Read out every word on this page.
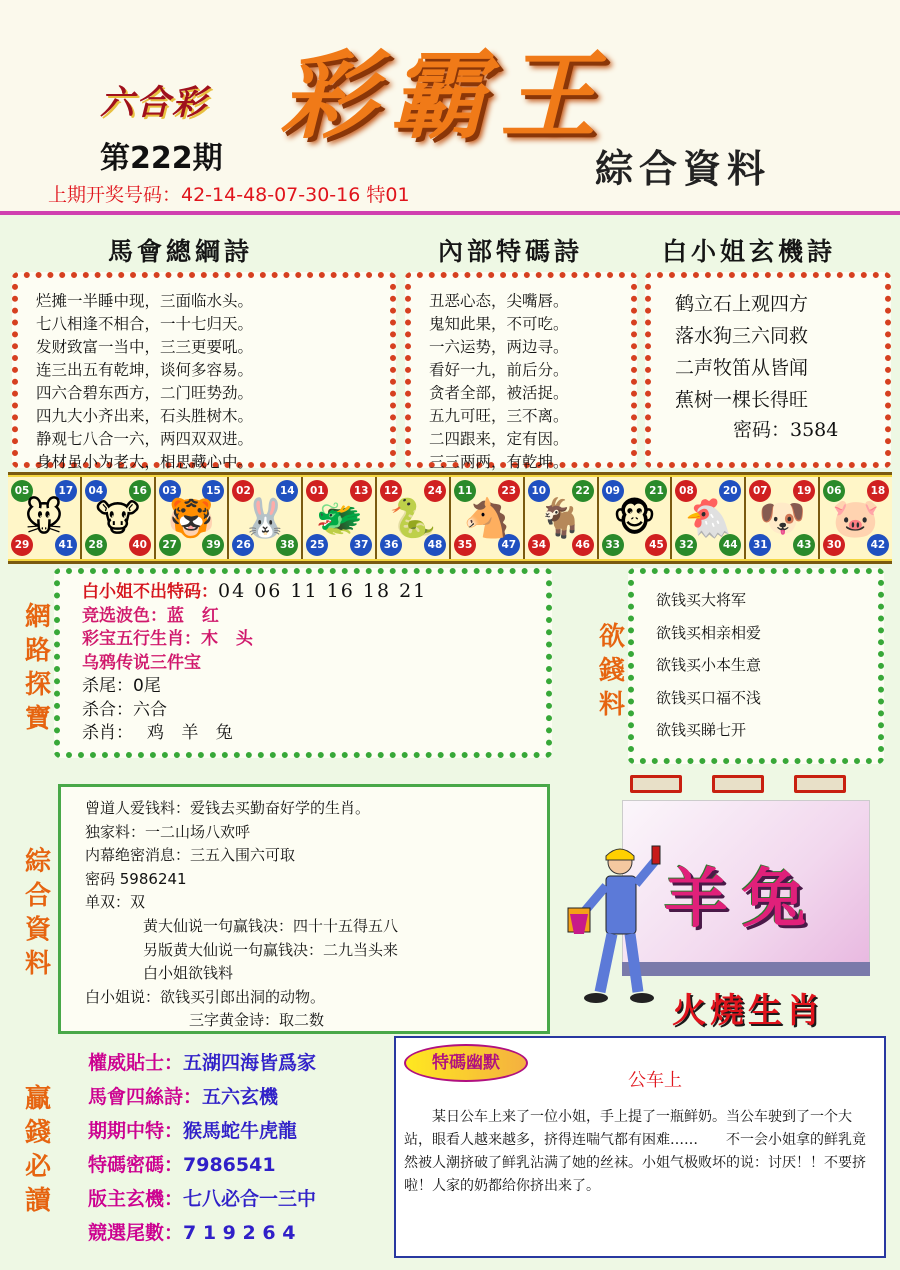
六合彩 彩霸王
第222期	綜合資料
上期开奖号码：42-14-48-07-30-16 特01
馬會總綱詩	內部特碼詩	白小姐玄機詩
烂摊一半睡中现，三面临水头。
七八相逢不相合，一十七归天。
发财致富一当中，三三更要吼。
连三出五有乾坤，谈何多容易。
四六合碧东西方，二门旺势劲。
四九大小齐出来，石头胜树木。
静观七八合一六，两四双双进。
身材虽小为老大，相思藏心中。
丑恶心态，尖嘴唇。
鬼知此果，不可吃。
一六运势，两边寻。
看好一九，前后分。
贪者全部，被活捉。
五九可旺，三不离。
二四跟来，定有因。
三三两两，有乾坤。
鹤立石上观四方
落水狗三六同救
二声牧笛从皆闻
蕉树一棵长得旺
密码：3584
05	17
29	41
🐭
04	16
28	40
🐮
03	15
27	39
🐯
02	14
26	38
🐰
01	13
25	37
🐲
12	24
36	48
🐍
11	23
35	47
🐴
10	22
34	46
🐐
09	21
33	45
🐵
08	20
32	44
🐔
07	19
31	43
🐶
06	18
30	42
🐷
網
路
探
寶
白小姐不出特码：04 06 11 16 18 21
竞选波色：蓝 红
彩宝五行生肖：木 头
乌鸦传说三件宝
杀尾：0尾
杀合：六合
杀肖： 鸡 羊 兔
欲
錢
料
欲钱买大将军
欲钱买相亲相爱
欲钱买小本生意
欲钱买口福不浅
欲钱买睇七开
綜
合
資
料
曾道人爱钱料：爱钱去买勤奋好学的生肖。
独家料：一二山场八欢呼
内幕绝密消息：三五入围六可取
密码 5986241
单双：双
黄大仙说一句赢钱决：四十十五得五八
另版黄大仙说一句赢钱决：二九当头来
白小姐欲钱料
白小姐说：欲钱买引郎出洞的动物。
三字黄金诗：取二数
羊兔
火燒生肖
贏
錢
必
讀
權威貼士：五湖四海皆爲家
馬會四絲詩：五六玄機
期期中特：猴馬蛇牛虎龍
特碼密碼：7986541
版主玄機：七八必合一三中
競選尾數：7 1 9 2 6 4
特碼幽默
公车上
某日公车上来了一位小姐，手上提了一瓶鲜奶。当公车驶到了一个大站，眼看人越来越多，挤得连喘气都有困难……　　不一会小姐拿的鲜乳竟然被人潮挤破了鲜乳沾满了她的丝袜。小姐气极败坏的说：讨厌！！不要挤啦！人家的奶都给你挤出来了。
